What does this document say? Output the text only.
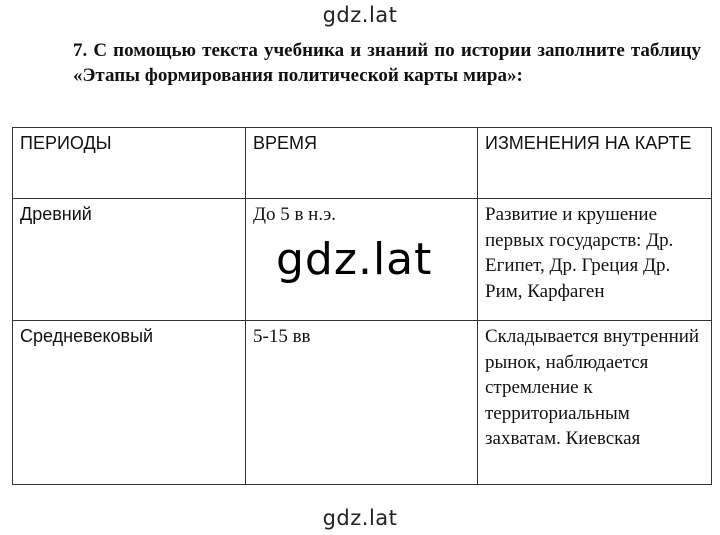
gdz.lat
7. С помощью текста учебника и знаний по истории заполните таблицу «Этапы формирования политической карты мира»:
ПЕРИОДЫ	ВРЕМЯ	ИЗМЕНЕНИЯ НА КАРТЕ
Древний	До 5 в н.э.	Развитие и крушение первых государств: Др. Египет, Др. Греция Др. Рим, Карфаген
Средневековый	5-15 вв	Складывается внутренний рынок, наблюдается стремление к территориальным захватам. Киевская
gdz.lat
gdz.lat
